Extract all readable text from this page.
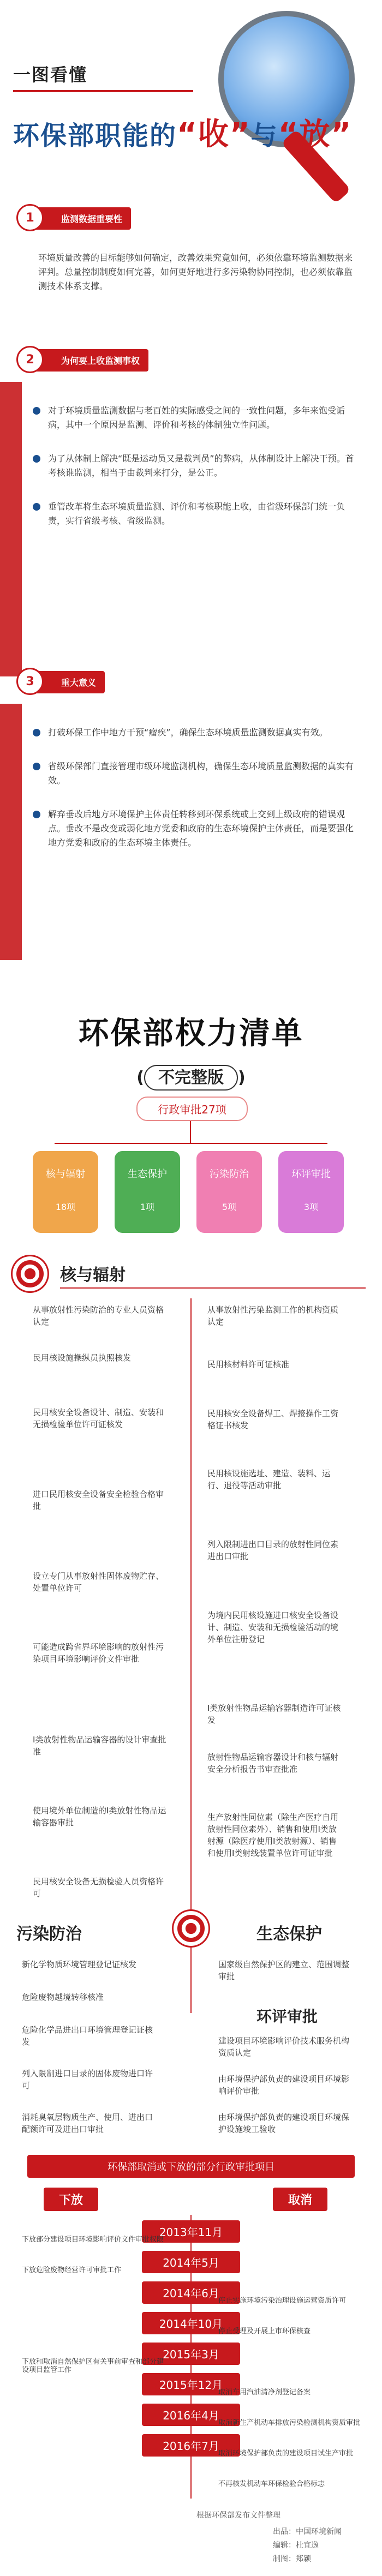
一图看懂
环保部职能的“收”与“放”
1	监测数据重要性
环境质量改善的目标能够如何确定，改善效果究竟如何，必须依靠环境监测数据来评判。总量控制制度如何完善，如何更好地进行多污染物协同控制，也必须依靠监测技术体系支撑。
2	为何要上收监测事权
对于环境质量监测数据与老百姓的实际感受之间的一致性问题，多年来饱受诟病，其中一个原因是监测、评价和考核的体制独立性问题。
为了从体制上解决“既是运动员又是裁判员”的弊病，从体制设计上解决干预。首考核谁监测，相当于由裁判来打分，是公正。
垂管改革将生态环境质量监测、评价和考核职能上收，由省级环保部门统一负责，实行省级考核、省级监测。
3	重大意义
打破环保工作中地方干预“瘤疾”，确保生态环境质量监测数据真实有效。
省级环保部门直接管理市级环境监测机构，确保生态环境质量监测数据的真实有效。
解弃垂改后地方环境保护主体责任转移到环保系统或上交到上级政府的错误观点。垂改不是改变或弱化地方党委和政府的生态环境保护主体责任，而是要强化地方党委和政府的生态环境主体责任。
环保部权力清单
( 不完整版 )
行政审批27项
核与辐射
18项
生态保护
1项
污染防治
5项
环评审批
3项
核与辐射
从事放射性污染防治的专业人员资格认定
民用核设施操纵员执照核发
民用核安全设备设计、制造、安装和无损检验单位许可证核发
进口民用核安全设备安全检验合格审批
设立专门从事放射性固体废物贮存、处置单位许可
可能造成跨省界环境影响的放射性污染项目环境影响评价文件审批
I类放射性物品运输容器的设计审查批准
使用境外单位制造的I类放射性物品运输容器审批
民用核安全设备无损检验人员资格许可
从事放射性污染监测工作的机构资质认定
民用核材料许可证核准
民用核安全设备焊工、焊接操作工资格证书核发
民用核设施选址、建造、装料、运行、退役等活动审批
列入限制进出口目录的放射性同位素进出口审批
为境内民用核设施进口核安全设备设计、制造、安装和无损检验活动的境外单位注册登记
I类放射性物品运输容器制造许可证核发
放射性物品运输容器设计和核与辐射安全分析报告书审查批准
生产放射性同位素（除生产医疗自用放射性同位素外）、销售和使用I类放射源（除医疗使用I类放射源）、销售和使用I类射线装置单位许可证审批
污染防治	生态保护
新化学物质环境管理登记证核发
危险废物越境转移核准
危险化学品进出口环境管理登记证核发
列入限制进口目录的固体废物进口许可
消耗臭氧层物质生产、使用、进出口配额许可及进出口审批
国家级自然保护区的建立、范围调整审批
环评审批
建设项目环境影响评价技术服务机构资质认定
由环境保护部负责的建设项目环境影响评价审批
由环境保护部负责的建设项目环境保护设施竣工验收
环保部取消或下放的部分行政审批项目
下放	取消
2013年11月
下放部分建设项目环境影响评价文件审批权限
2014年5月
下放危险废物经营许可审批工作
2014年6月
停止实施环境污染治理设施运营资质许可
2014年10月
停止受理及开展上市环保核查
2015年3月
下放和取消自然保护区有关事前审查和部分建设项目监管工作
2015年12月
取消车用汽油清净剂登记备案
2016年4月
取消新生产机动车排放污染检测机构资质审批
2016年7月
取消环境保护部负责的建设项目试生产审批
不再核发机动车环保检验合格标志
根据环保部发布文件整理
出品：中国环境新闻
编辑：杜宜逸
制图：郑颖
